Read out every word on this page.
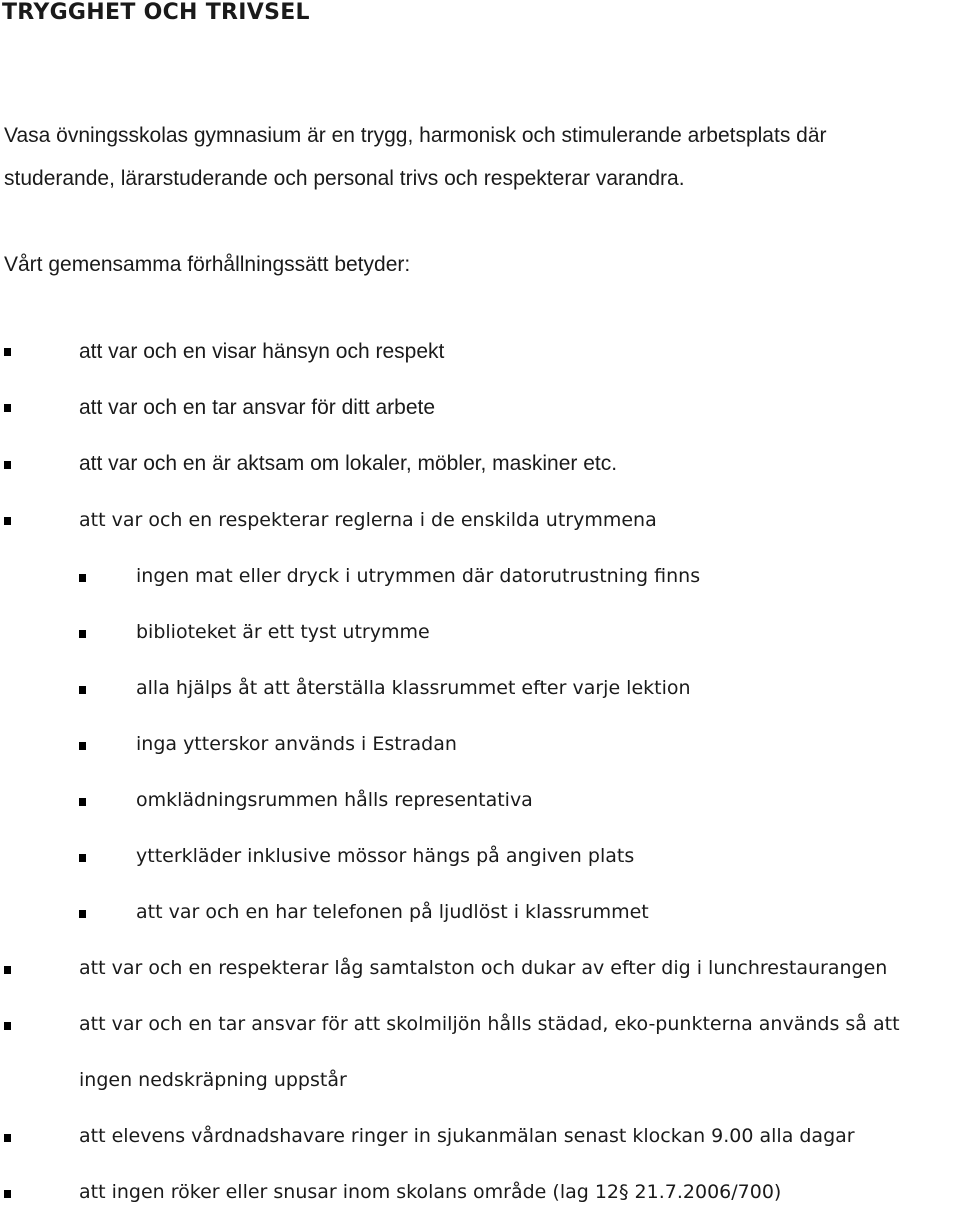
TRYGGHET OCH TRIVSEL
Vasa övningsskolas gymnasium är en trygg, harmonisk och stimulerande arbetsplats där
studerande, lärarstuderande och personal trivs och respekterar varandra.
Vårt gemensamma förhållningssätt betyder:
att var och en visar hänsyn och respekt
att var och en tar ansvar för ditt arbete
att var och en är aktsam om lokaler, möbler, maskiner etc.
att var och en respekterar reglerna i de enskilda utrymmena
ingen mat eller dryck i utrymmen där datorutrustning finns
biblioteket är ett tyst utrymme
alla hjälps åt att återställa klassrummet efter varje lektion
inga ytterskor används i Estradan
omklädningsrummen hålls representativa
ytterkläder inklusive mössor hängs på angiven plats
att var och en har telefonen på ljudlöst i klassrummet
att var och en respekterar låg samtalston och dukar av efter dig i lunchrestaurangen
att var och en tar ansvar för att skolmiljön hålls städad, eko-punkterna används så att
ingen nedskräpning uppstår
att elevens vårdnadshavare ringer in sjukanmälan senast klockan 9.00 alla dagar
att ingen röker eller snusar inom skolans område (lag 12§ 21.7.2006/700)
